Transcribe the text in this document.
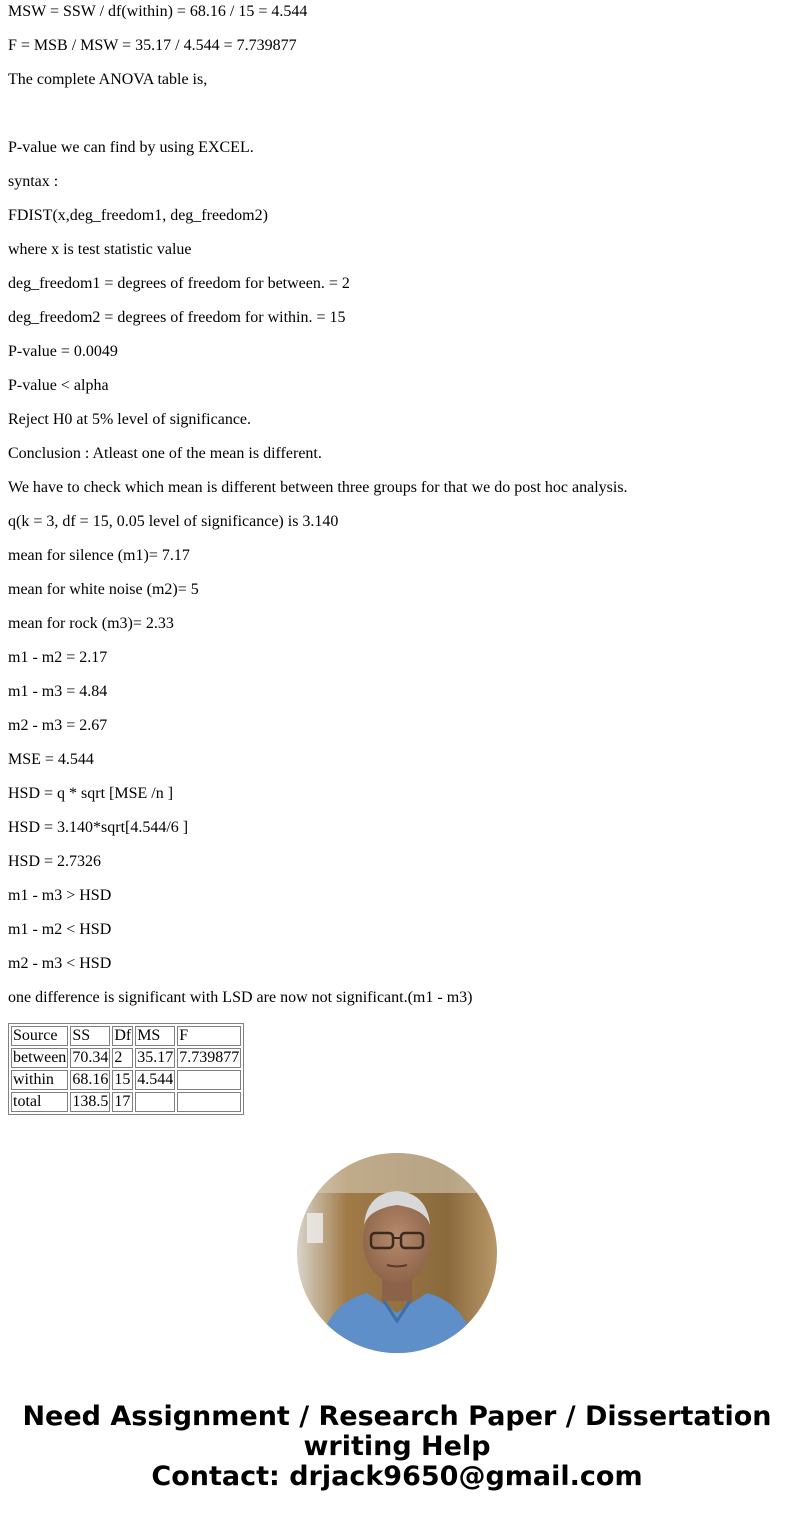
MSW = SSW / df(within) = 68.16 / 15 = 4.544
F = MSB / MSW = 35.17 / 4.544 = 7.739877
The complete ANOVA table is,
P-value we can find by using EXCEL.
syntax :
FDIST(x,deg_freedom1, deg_freedom2)
where x is test statistic value
deg_freedom1 = degrees of freedom for between. = 2
deg_freedom2 = degrees of freedom for within. = 15
P-value = 0.0049
P-value < alpha
Reject H0 at 5% level of significance.
Conclusion : Atleast one of the mean is different.
We have to check which mean is different between three groups for that we do post hoc analysis.
q(k = 3, df = 15, 0.05 level of significance) is 3.140
mean for silence (m1)= 7.17
mean for white noise (m2)= 5
mean for rock (m3)= 2.33
m1 - m2 = 2.17
m1 - m3 = 4.84
m2 - m3 = 2.67
MSE = 4.544
HSD = q * sqrt [MSE /n ]
HSD = 3.140*sqrt[4.544/6 ]
HSD = 2.7326
m1 - m3 > HSD
m1 - m2 < HSD
m2 - m3 < HSD
one difference is significant with LSD are now not significant.(m1 - m3)
Source	SS	Df	MS	F
between	70.34	2	35.17	7.739877
within	68.16	15	4.544	
total	138.5	17		
Need Assignment / Research Paper / Dissertation
writing Help
Contact: drjack9650@gmail.com
